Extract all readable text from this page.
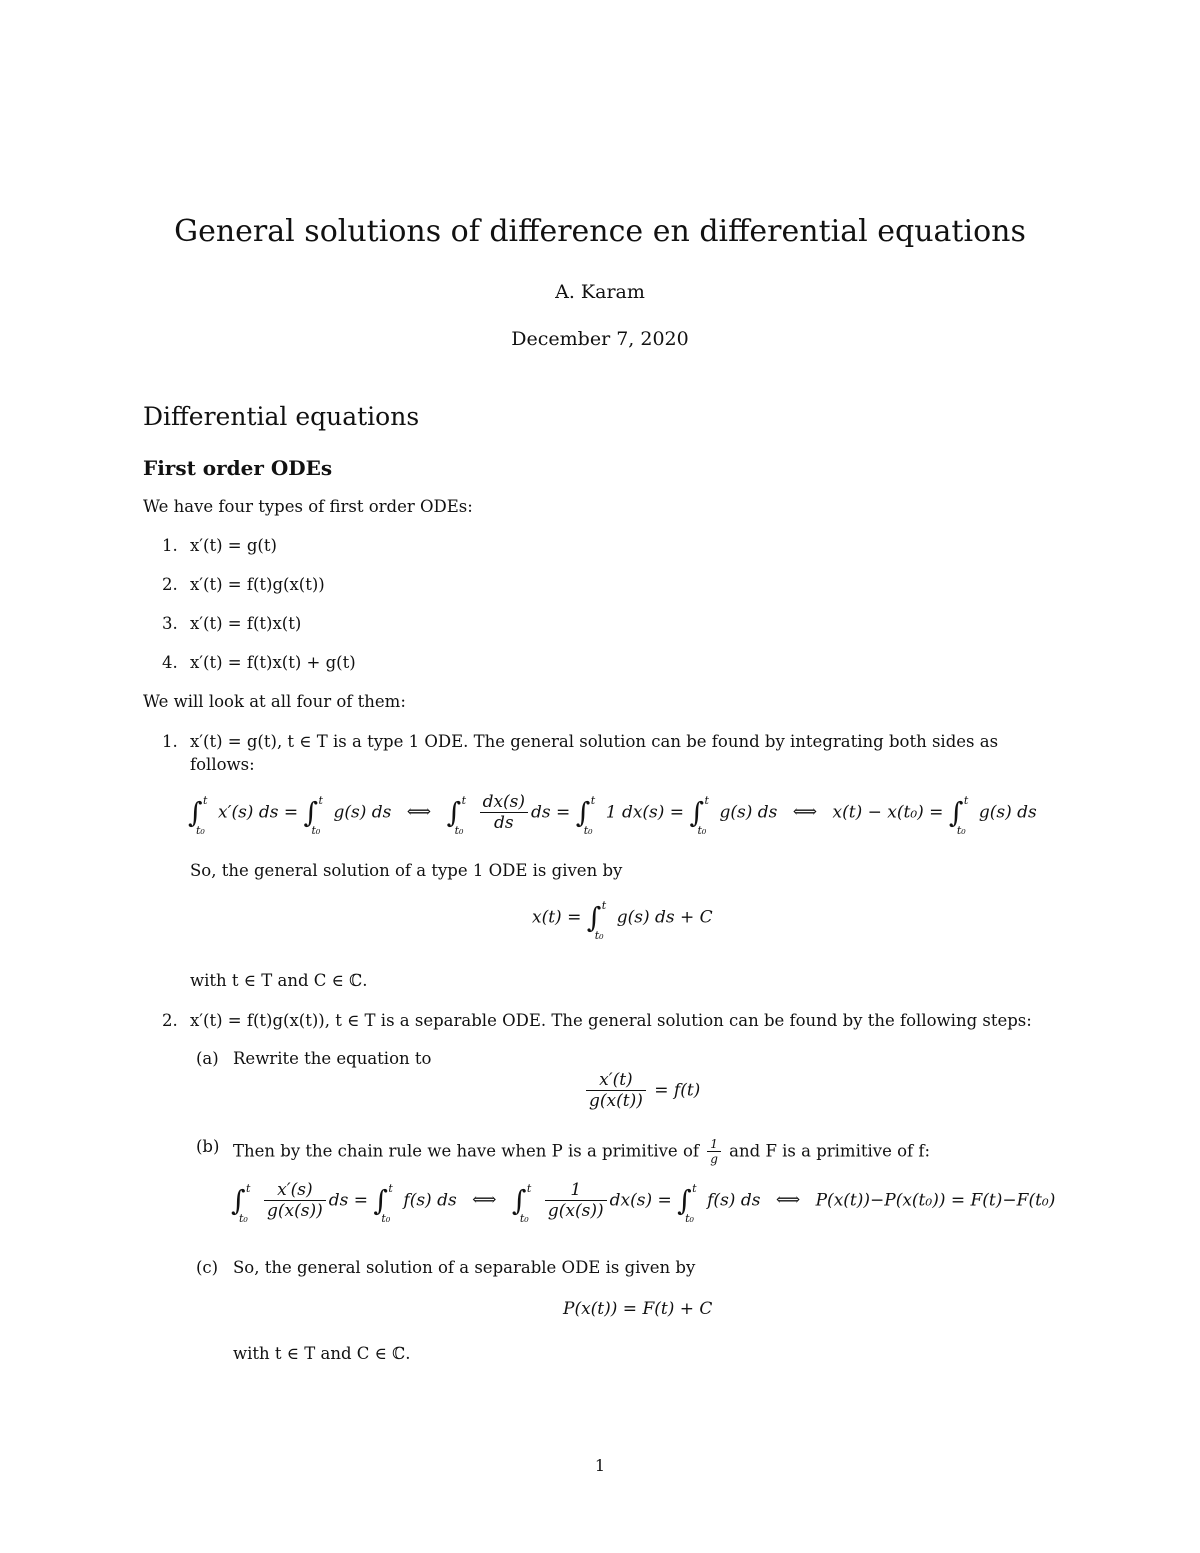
General solutions of difference en differential equations
A. Karam
December 7, 2020
Differential equations
First order ODEs
We have four types of first order ODEs:
1. x′(t) = g(t)
2. x′(t) = f(t)g(x(t))
3. x′(t) = f(t)x(t)
4. x′(t) = f(t)x(t) + g(t)
We will look at all four of them:
1. x′(t) = g(t), t ∈ T is a type 1 ODE. The general solution can be found by integrating both sides as
follows:
∫ t
t₀
x′(s) ds = ∫ t
t₀
g(s) ds ⟺ ∫ t
$t_0 \frac{dx(s)}{ds}$ ds = ∫ t
t₀
1 dx(s) = ∫ t
t₀
g(s) ds ⟺ x(t) − x(t₀) = ∫ t
t₀
g(s) ds
So, the general solution of a type 1 ODE is given by
x(t) = ∫ t
t₀
g(s) ds + C
with t ∈ T and C ∈ ℂ.
2. x′(t) = f(t)g(x(t)), t ∈ T is a separable ODE. The general solution can be found by the following steps:
(a) Rewrite the equation to
$\frac{x'(t)}{g(x(t))} = f(t)$
(b) Then by the chain rule we have when P is a primitive of $\frac{1}{g}$ and F is a primitive of f:
∫ t
$t_0 \frac{x'(s)}{g(x(s))}$ ds = ∫ t
t₀
f(s) ds ⟺ ∫ t
$t_0 \frac{1}{g(x(s))} dx(s)$ = ∫ t
t₀
f(s) ds ⟺ P(x(t))−P(x(t₀)) = F(t)−F(t₀)
(c) So, the general solution of a separable ODE is given by
P(x(t)) = F(t) + C
with t ∈ T and C ∈ ℂ.
1
